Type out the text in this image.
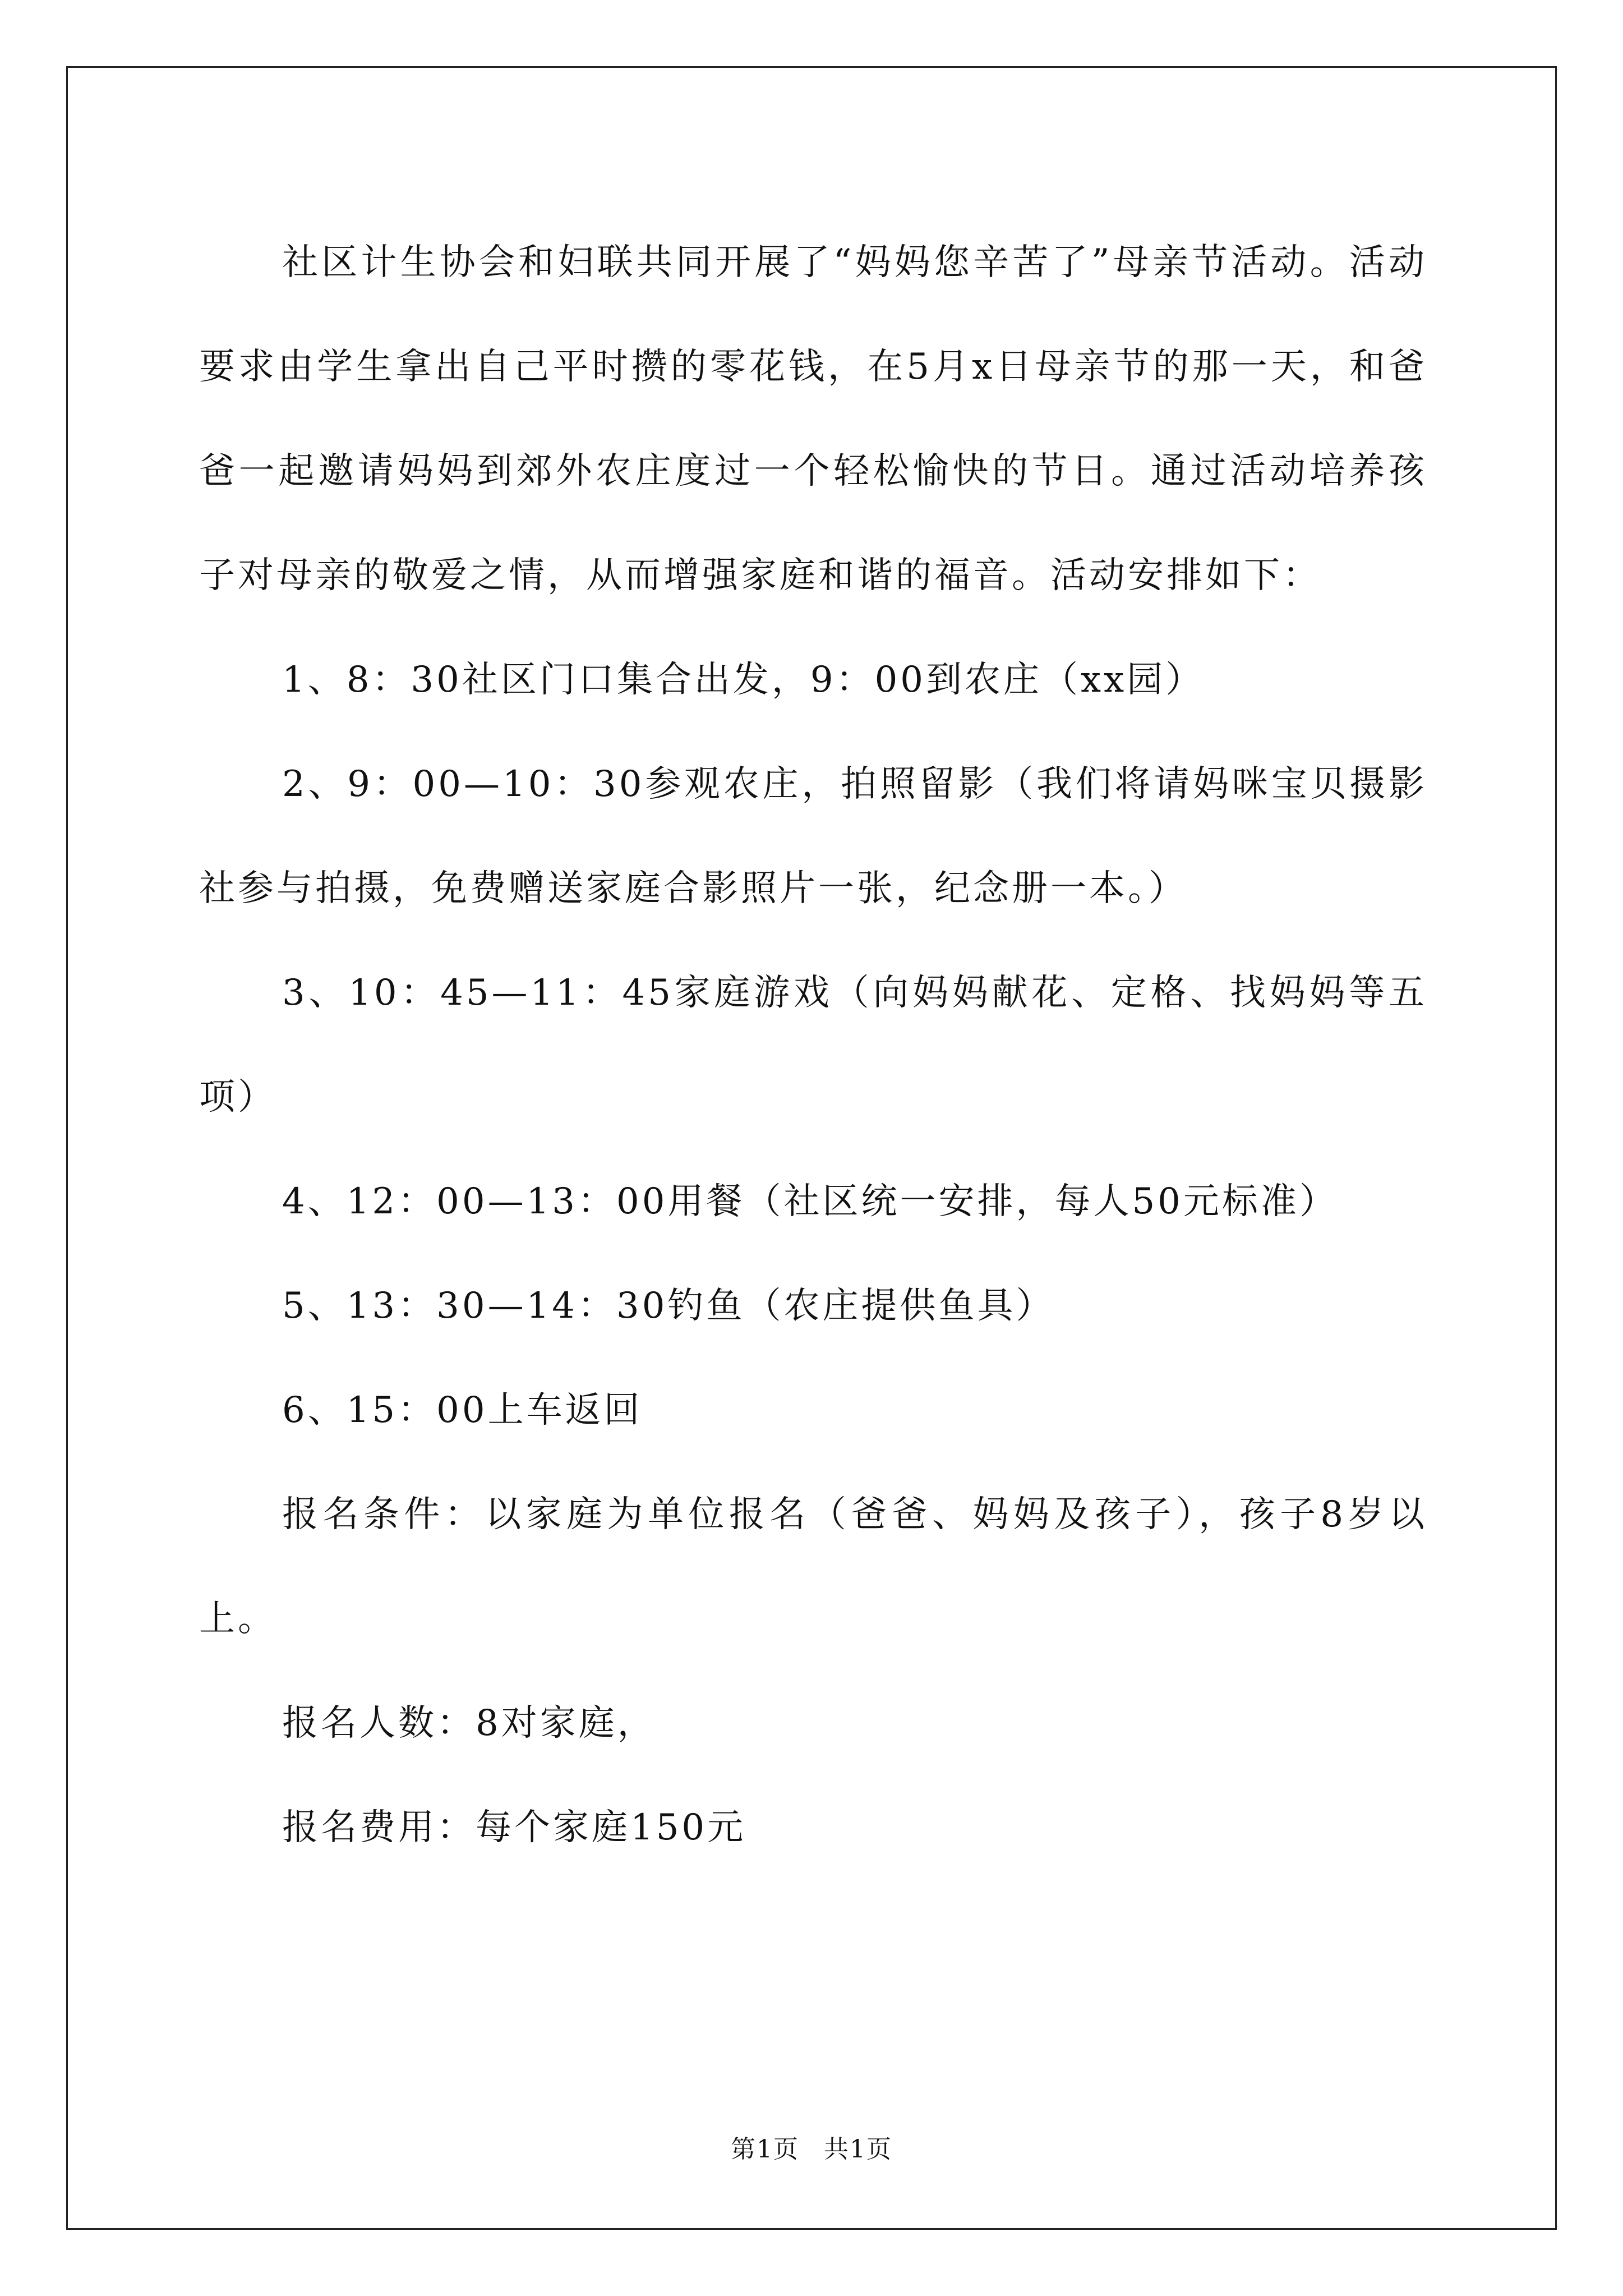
社区计生协会和妇联共同开展了“妈妈您辛苦了”母亲节活动。活动要求由学生拿出自己平时攒的零花钱，在5月x日母亲节的那一天，和爸爸一起邀请妈妈到郊外农庄度过一个轻松愉快的节日。通过活动培养孩子对母亲的敬爱之情，从而增强家庭和谐的福音。活动安排如下：

1、8：30社区门口集合出发，9：00到农庄（xx园）

2、9：00—10：30参观农庄，拍照留影（我们将请妈咪宝贝摄影社参与拍摄，免费赠送家庭合影照片一张，纪念册一本。）

3、10：45—11：45家庭游戏（向妈妈献花、定格、找妈妈等五项）

4、12：00—13：00用餐（社区统一安排，每人50元标准）

5、13：30—14：30钓鱼（农庄提供鱼具）

6、15：00上车返回

报名条件：以家庭为单位报名（爸爸、妈妈及孩子），孩子8岁以上。

报名人数：8对家庭，

报名费用：每个家庭150元

第1页 共1页
